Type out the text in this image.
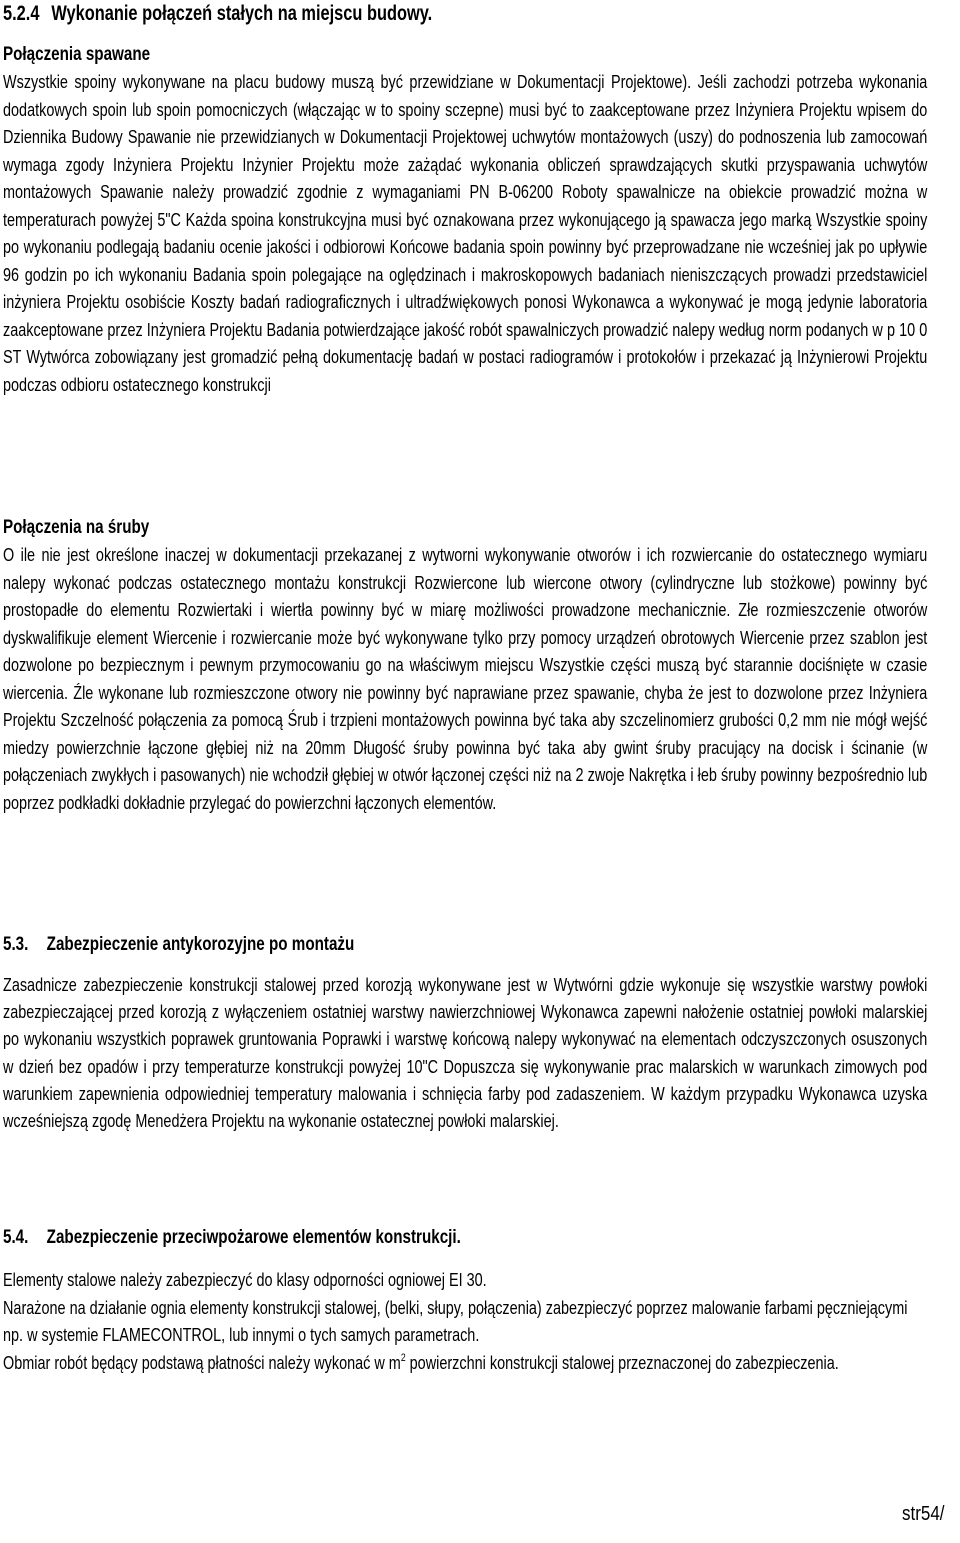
5.2.4 Wykonanie połączeń stałych na miejscu budowy.
Połączenia spawane

Wszystkie spoiny wykonywane na placu budowy muszą być przewidziane w Dokumentacji Projektowe). Jeśli zachodzi potrzeba wykonania dodatkowych spoin lub spoin pomocniczych (włączając w to spoiny sczepne) musi być to zaakceptowane przez Inżyniera Projektu wpisem do Dziennika Budowy Spawanie nie przewidzianych w Dokumentacji Projektowej uchwytów montażowych (uszy) do podnoszenia lub zamocowań wymaga zgody Inżyniera Projektu Inżynier Projektu może zażądać wykonania obliczeń sprawdzających skutki przyspawania uchwytów montażowych Spawanie należy prowadzić zgodnie z wymaganiami PN B-06200 Roboty spawalnicze na obiekcie prowadzić można w temperaturach powyżej 5"C Każda spoina konstrukcyjna musi być oznakowana przez wykonującego ją spawacza jego marką Wszystkie spoiny po wykonaniu podlegają badaniu ocenie jakości i odbiorowi Końcowe badania spoin powinny być przeprowadzane nie wcześniej jak po upływie 96 godzin po ich wykonaniu Badania spoin polegające na oględzinach i makroskopowych badaniach nieniszczących prowadzi przedstawiciel inżyniera Projektu osobiście Koszty badań radiograficznych i ultradźwiękowych ponosi Wykonawca a wykonywać je mogą jedynie laboratoria zaakceptowane przez Inżyniera Projektu Badania potwierdzające jakość robót spawalniczych prowadzić nalepy według norm podanych w p 10 0 ST Wytwórca zobowiązany jest gromadzić pełną dokumentację badań w postaci radiogramów i protokołów i przekazać ją Inżynierowi Projektu podczas odbioru ostatecznego konstrukcji

Połączenia na śruby

O ile nie jest określone inaczej w dokumentacji przekazanej z wytworni wykonywanie otworów i ich rozwiercanie do ostatecznego wymiaru nalepy wykonać podczas ostatecznego montażu konstrukcji Rozwiercone lub wiercone otwory (cylindryczne lub stożkowe) powinny być prostopadłe do elementu Rozwiertaki i wiertła powinny być w miarę możliwości prowadzone mechanicznie. Złe rozmieszczenie otworów dyskwalifikuje element Wiercenie i rozwiercanie może być wykonywane tylko przy pomocy urządzeń obrotowych Wiercenie przez szablon jest dozwolone po bezpiecznym i pewnym przymocowaniu go na właściwym miejscu Wszystkie części muszą być starannie dociśnięte w czasie wiercenia. Źle wykonane lub rozmieszczone otwory nie powinny być naprawiane przez spawanie, chyba że jest to dozwolone przez Inżyniera Projektu Szczelność połączenia za pomocą Śrub i trzpieni montażowych powinna być taka aby szczelinomierz grubości 0,2 mm nie mógł wejść miedzy powierzchnie łączone głębiej niż na 20mm Długość śruby powinna być taka aby gwint śruby pracujący na docisk i ścinanie (w połączeniach zwykłych i pasowanych) nie wchodził głębiej w otwór łączonej części niż na 2 zwoje Nakrętka i łeb śruby powinny bezpośrednio lub poprzez podkładki dokładnie przylegać do powierzchni łączonych elementów.

5.3. Zabezpieczenie antykorozyjne po montażu

Zasadnicze zabezpieczenie konstrukcji stalowej przed korozją wykonywane jest w Wytwórni gdzie wykonuje się wszystkie warstwy powłoki zabezpieczającej przed korozją z wyłączeniem ostatniej warstwy nawierzchniowej Wykonawca zapewni nałożenie ostatniej powłoki malarskiej po wykonaniu wszystkich poprawek gruntowania Poprawki i warstwę końcową nalepy wykonywać na elementach odczyszczonych osuszonych w dzień bez opadów i przy temperaturze konstrukcji powyżej 10"C Dopuszcza się wykonywanie prac malarskich w warunkach zimowych pod warunkiem zapewnienia odpowiedniej temperatury malowania i schnięcia farby pod zadaszeniem. W każdym przypadku Wykonawca uzyska wcześniejszą zgodę Menedżera Projektu na wykonanie ostatecznej powłoki malarskiej.

5.4. Zabezpieczenie przeciwpożarowe elementów konstrukcji.

Elementy stalowe należy zabezpieczyć do klasy odporności ogniowej EI 30.

Narażone na działanie ognia elementy konstrukcji stalowej, (belki, słupy, połączenia) zabezpieczyć poprzez malowanie farbami pęczniejącymi

np. w systemie FLAMECONTROL, lub innymi o tych samych parametrach.

Obmiar robót będący podstawą płatności należy wykonać w $m^2$ powierzchni konstrukcji stalowej przeznaczonej do zabezpieczenia.

str54/
